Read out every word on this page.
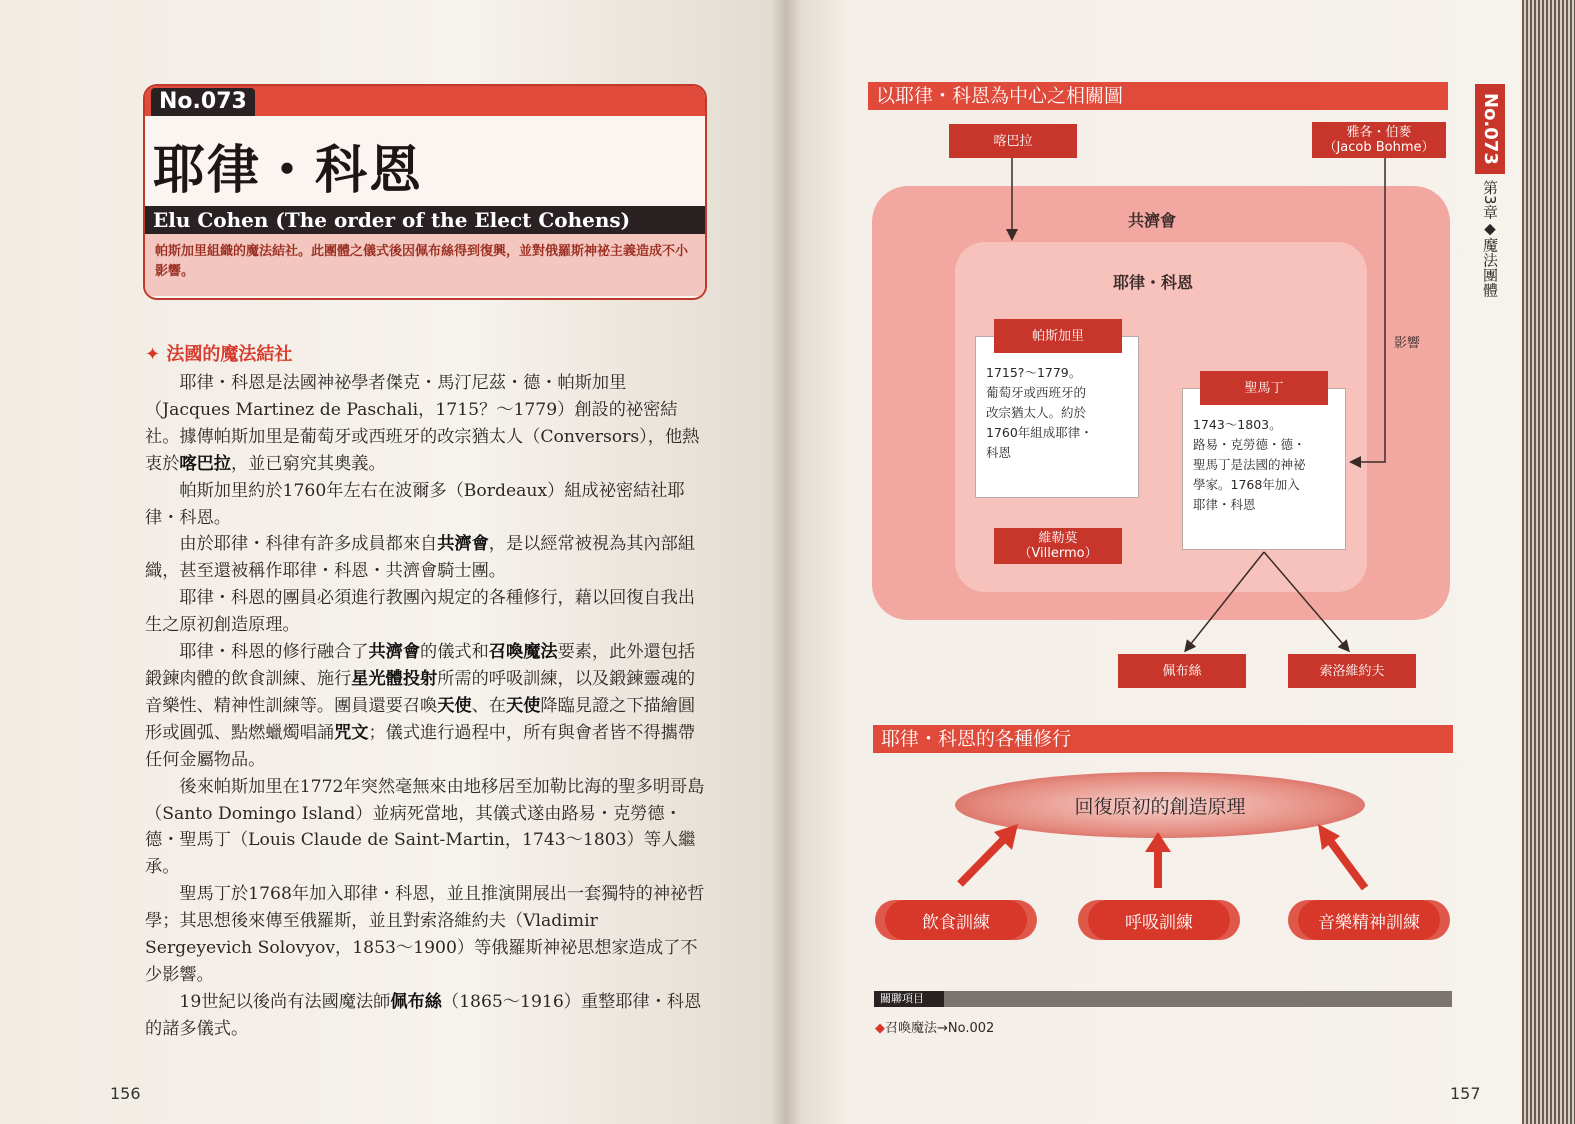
No.073
耶律・科恩
Elu Cohen (The order of the Elect Cohens)
帕斯加里組織的魔法結社。此團體之儀式後因佩布絲得到復興，並對俄羅斯神祕主義造成不小影響。
✦ 法國的魔法結社

耶律・科恩是法國神祕學者傑克・馬汀尼茲・德・帕斯加里（Jacques Martinez de Paschali，1715？～1779）創設的祕密結社。據傳帕斯加里是葡萄牙或西班牙的改宗猶太人（Conversors），他熱衷於喀巴拉，並已窮究其奧義。

帕斯加里約於1760年左右在波爾多（Bordeaux）組成祕密結社耶律・科恩。

由於耶律・科律有許多成員都來自共濟會，是以經常被視為其內部組織，甚至還被稱作耶律・科恩・共濟會騎士團。

耶律・科恩的團員必須進行教團內規定的各種修行，藉以回復自我出生之原初創造原理。

耶律・科恩的修行融合了共濟會的儀式和召喚魔法要素，此外還包括鍛鍊肉體的飲食訓練、施行星光體投射所需的呼吸訓練，以及鍛鍊靈魂的音樂性、精神性訓練等。團員還要召喚天使、在天使降臨見證之下描繪圓形或圓弧、點燃蠟燭唱誦咒文；儀式進行過程中，所有與會者皆不得攜帶任何金屬物品。

後來帕斯加里在1772年突然毫無來由地移居至加勒比海的聖多明哥島（Santo Domingo Island）並病死當地，其儀式遂由路易・克勞德・德・聖馬丁（Louis Claude de Saint-Martin，1743～1803）等人繼承。

聖馬丁於1768年加入耶律・科恩，並且推演開展出一套獨特的神祕哲學；其思想後來傳至俄羅斯，並且對索洛維約夫（Vladimir Sergeyevich Solovyov，1853～1900）等俄羅斯神祕思想家造成了不少影響。

19世紀以後尚有法國魔法師佩布絲（1865～1916）重整耶律・科恩的諸多儀式。

156
以耶律・科恩為中心之相關圖
共濟會
耶律・科恩
喀巴拉
雅各・伯麥
（Jacob Bohme）
1715?～1779。
葡萄牙或西班牙的
改宗猶太人。約於
1760年組成耶律・
科恩
帕斯加里
維勒莫
（Villermo）
1743～1803。
路易・克勞德・德・
聖馬丁是法國的神祕
學家。1768年加入
耶律・科恩
聖馬丁
影響
佩布絲	索洛維約夫
耶律・科恩的各種修行
回復原初的創造原理
飲食訓練	呼吸訓練	音樂精神訓練
關聯項目
◆召喚魔法→No.002
No.073
第3章◆魔法團體
157
